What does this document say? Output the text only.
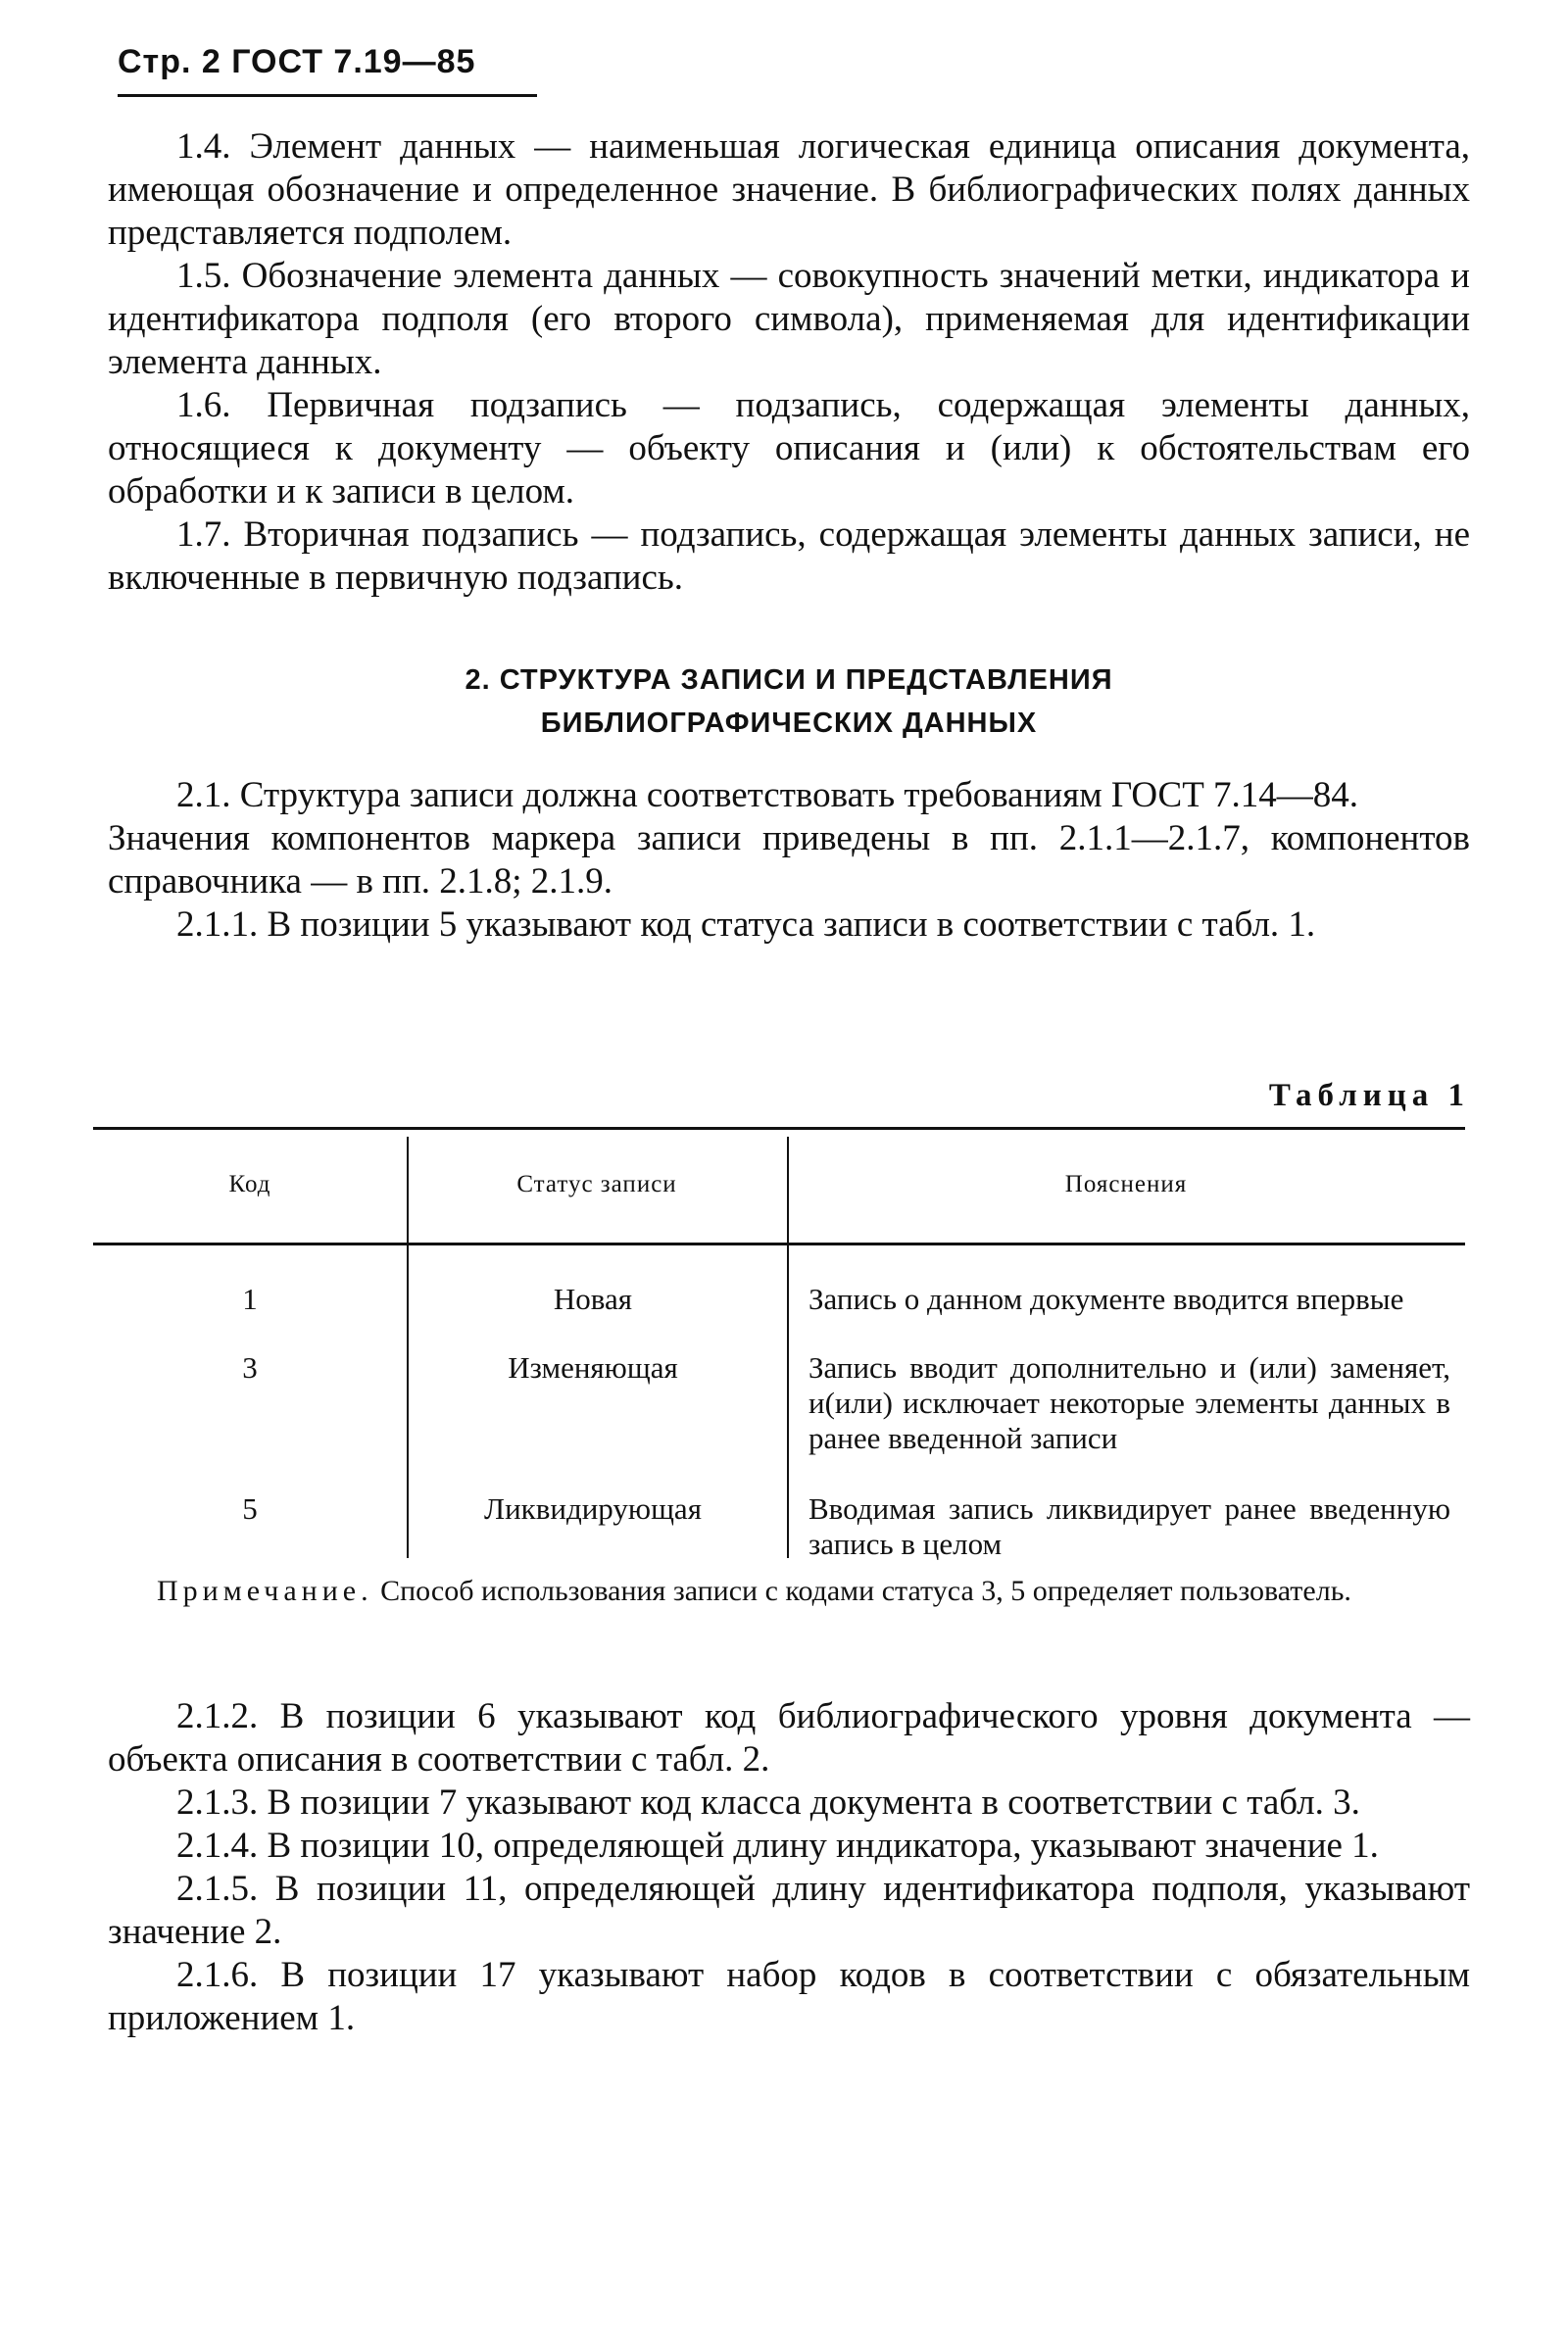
Стр. 2 ГОСТ 7.19—85
1.4. Элемент данных — наименьшая логическая единица описания документа, имеющая обозначение и определенное значение. В библиографических полях данных представляется подполем.
1.5. Обозначение элемента данных — совокупность значений метки, индикатора и идентификатора подполя (его второго символа), применяемая для идентификации элемента данных.
1.6. Первичная подзапись — подзапись, содержащая элементы данных, относящиеся к документу — объекту описания и (или) к обстоятельствам его обработки и к записи в целом.
1.7. Вторичная подзапись — подзапись, содержащая элементы данных записи, не включенные в первичную подзапись.
2. СТРУКТУРА ЗАПИСИ И ПРЕДСТАВЛЕНИЯ
БИБЛИОГРАФИЧЕСКИХ ДАННЫХ
2.1. Структура записи должна соответствовать требованиям ГОСТ 7.14—84.
Значения компонентов маркера записи приведены в пп. 2.1.1—2.1.7, компонентов справочника — в пп. 2.1.8; 2.1.9.
2.1.1. В позиции 5 указывают код статуса записи в соответствии с табл. 1.
Таблица 1
Код	Статус записи	Пояснения
1	Новая	Запись о данном документе вводится впервые
3	Изменяющая	Запись вводит дополнительно и (или) заменяет, и(или) исключает некоторые элементы данных в ранее введенной записи
5	Ликвидирующая	Вводимая запись ликвидирует ранее введенную запись в целом
Примечание. Способ использования записи с кодами статуса 3, 5 определяет пользователь.
2.1.2. В позиции 6 указывают код библиографического уровня документа — объекта описания в соответствии с табл. 2.
2.1.3. В позиции 7 указывают код класса документа в соответствии с табл. 3.
2.1.4. В позиции 10, определяющей длину индикатора, указывают значение 1.
2.1.5. В позиции 11, определяющей длину идентификатора подполя, указывают значение 2.
2.1.6. В позиции 17 указывают набор кодов в соответствии с обязательным приложением 1.
